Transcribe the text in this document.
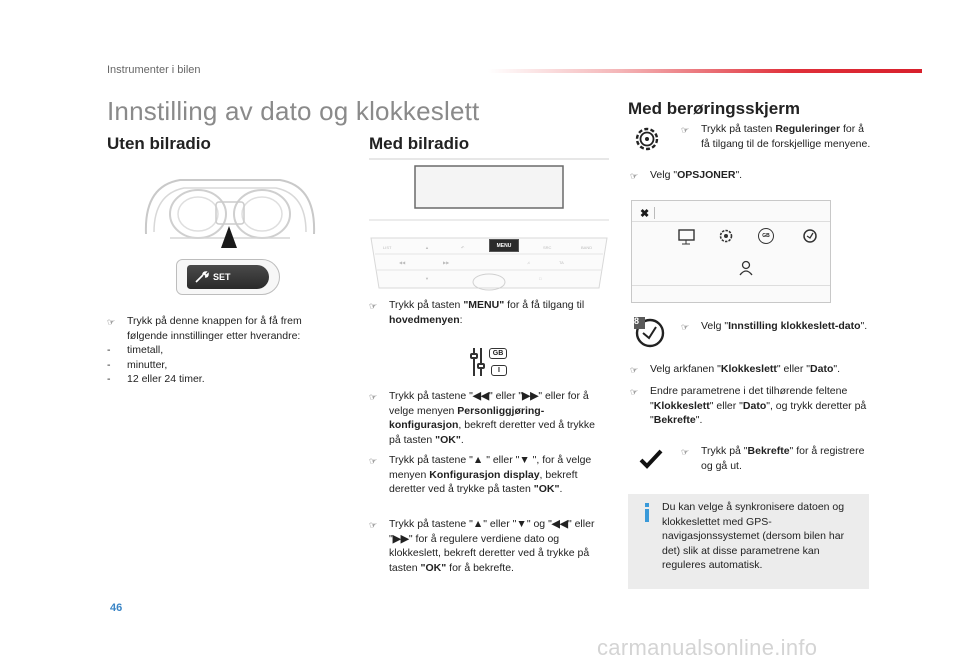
Instrumenter i bilen
Innstilling av dato og klokkeslett
Uten bilradio
SET
☞	Trykk på denne knappen for å få frem følgende innstillinger etter hverandre:
-	timetall,
-	minutter,
-	12 eller 24 timer.
Med bilradio
LIST	▲	↶	SRC	BAND
◀◀	▶▶	♫	TA
▼	□
MENU
☞	Trykk på tasten "MENU" for å få tilgang til hovedmenyen:
GB
I
☞	Trykk på tastene "◀◀" eller "▶▶" eller for å velge menyen Personliggjøring-konfigurasjon, bekreft deretter ved å trykke på tasten "OK".
☞	Trykk på tastene "▲ " eller "▼ ", for å velge menyen Konfigurasjon display, bekreft deretter ved å trykke på tasten "OK".
☞	Trykk på tastene "▲" eller "▼" og "◀◀" eller "▶▶" for å regulere verdiene dato og klokkeslett, bekreft deretter ved å trykke på tasten "OK" for å bekrefte.
Med berøringsskjerm
☞	Trykk på tasten Reguleringer for å få tilgang til de forskjellige menyene.
☞	Velg "OPSJONER".
✖
GB
8
☞	Velg "Innstilling klokkeslett-dato".
☞	Velg arkfanen "Klokkeslett" eller "Dato".
☞	Endre parametrene i det tilhørende feltene "Klokkeslett" eller "Dato", og trykk deretter på "Bekrefte".
☞	Trykk på "Bekrefte" for å registrere og gå ut.
Du kan velge å synkronisere datoen og klokkeslettet med GPS-navigasjonssystemet (dersom bilen har det) slik at disse parametrene kan reguleres automatisk.
46
carmanualsonline.info
